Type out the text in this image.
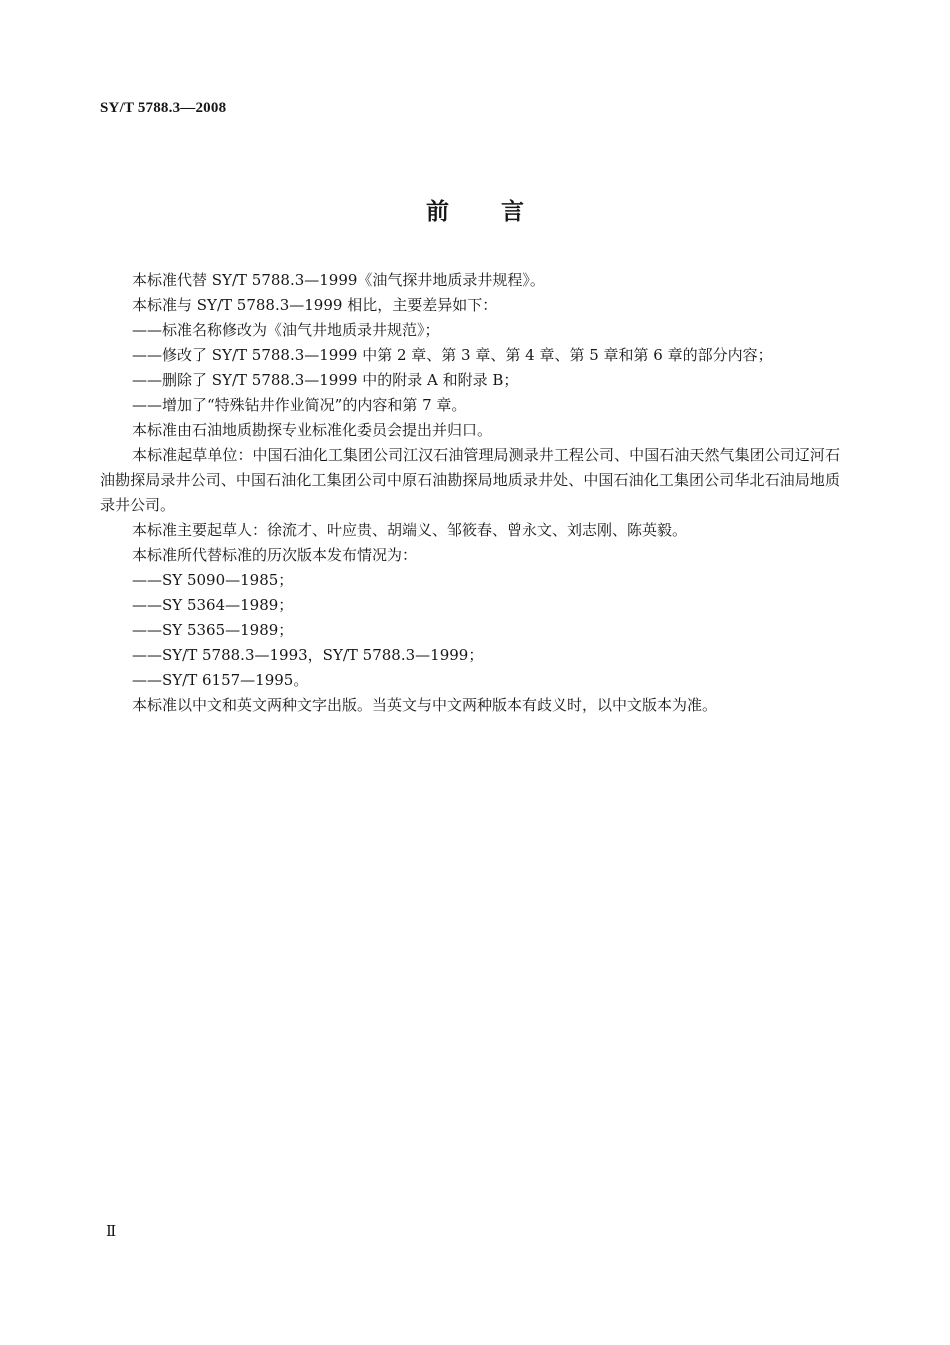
SY/T 5788.3—2008
前言

本标准代替 SY/T 5788.3—1999《油气探井地质录井规程》。

本标准与 SY/T 5788.3—1999 相比，主要差异如下：

——标准名称修改为《油气井地质录井规范》；

——修改了 SY/T 5788.3—1999 中第 2 章、第 3 章、第 4 章、第 5 章和第 6 章的部分内容；

——删除了 SY/T 5788.3—1999 中的附录 A 和附录 B；

——增加了“特殊钻井作业简况”的内容和第 7 章。

本标准由石油地质勘探专业标准化委员会提出并归口。

本标准起草单位：中国石油化工集团公司江汉石油管理局测录井工程公司、中国石油天然气集团公司辽河石油勘探局录井公司、中国石油化工集团公司中原石油勘探局地质录井处、中国石油化工集团公司华北石油局地质录井公司。

本标准主要起草人：徐流才、叶应贵、胡端义、邹筱春、曾永文、刘志刚、陈英毅。

本标准所代替标准的历次版本发布情况为：

——SY 5090—1985；

——SY 5364—1989；

——SY 5365—1989；

——SY/T 5788.3—1993，SY/T 5788.3—1999；

——SY/T 6157—1995。

本标准以中文和英文两种文字出版。当英文与中文两种版本有歧义时，以中文版本为准。

Ⅱ
